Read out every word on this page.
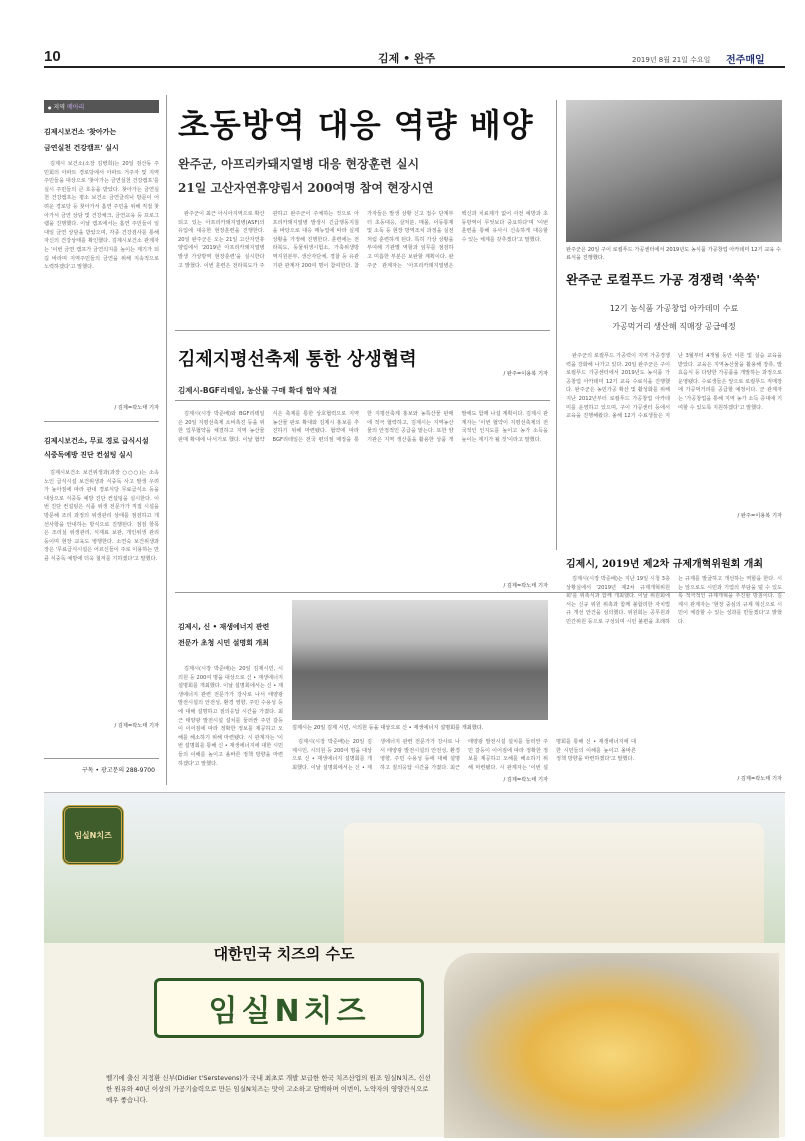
10	김제 • 완주	2019년 8월 21일 수요일 전주매일
● 지역 메아리
김제시보건소 '찾아가는
금연실천 건강캠프' 실시

김제시 보건소(소장 김병희)는 20일 검산동 주민회의 아파트 경로당에서 아파트 거주자 및 지역주민들을 대상으로 '찾아가는 금연실천 건강캠프'를 실시 주민들의 큰 호응을 받았다. 찾아가는 금연실천 건강캠프는 평소 보건소 금연클리닉 방문이 어려운 경로당 등 찾아가서 흡연 주민을 위해 직접 찾아가서 금연 상담 및 건강체크, 금연교육 등 프로그램을 진행했다. 이날 캠프에서는 흡연 주민들이 일대일 금연 상담을 받았으며, 각종 건강검사를 통해 자신의 건강상태를 확인했다. 김제시보건소 관계자는 '이번 금연 캠프가 금연의지를 높이는 계기가 되길 바라며 지역주민들의 금연을 위해 지속적으로 노력하겠다'고 말했다.

/ 김제=곽노태 기자
김제시보건소, 무료 경로 급식시설
식중독예방 진단 컨설팅 실시

김제시보건소 보건위생과(과장 ○○○)는 소속 노인 급식시설 보건위생과 식중독 사고 발생 우려가 높아짐에 따라 관내 경로식당 무료급식소 등을 대상으로 식중독 예방 진단 컨설팅을 실시한다. 이번 진단 컨설팅은 식품 위생 전문가가 직접 시설을 방문해 조리 과정의 위생관리 상태를 점검하고 개선사항을 안내하는 방식으로 진행된다. 점검 항목은 조리실 위생관리, 식재료 보관, 개인위생 관리 등이며 현장 교육도 병행한다. 소연숙 보건위생과장은 '무료급식시설은 어르신들이 주로 이용하는 만큼 식중독 예방에 더욱 철저를 기하겠다'고 말했다.

/ 김제=곽노태 기자
구독 • 광고문의 288-9700
초동방역 대응 역량 배양
완주군, 아프리카돼지열병 대응 현장훈련 실시
21일 고산자연휴양림서 200여명 참여 현장시연

완주군이 최근 아시아지역으로 확산되고 있는 아프리카돼지열병(ASF)의 유입에 대응한 현장훈련을 진행한다. 20일 완주군은 오는 21일 고산자연휴양림에서 '2019년 아프리카돼지열병 발생 가상방역 현장훈련'을 실시한다고 밝혔다. 이번 훈련은 전라북도가 주관하고 완주군이 주체하는 것으로 아프리카돼지열병 발생시 긴급행동지침을 바탕으로 대응 매뉴얼에 따라 실제 상황을 가정해 진행한다. 훈련에는 전라북도, 동물위생시험소, 가축위생방역지원본부, 생산자단체, 경찰 등 유관기관 관계자 200여 명이 참여한다. 참가자들은 발생 상황 신고 접수 단계부터 초동대응, 살처분, 매몰, 이동통제 및 소독 등 현장 방역조치 과정을 실전처럼 훈련하게 된다. 특히 가상 상황을 부여해 기관별 역할과 임무를 점검하고 미흡한 부분은 보완할 계획이다. 완주군 관계자는 '아프리카돼지열병은 백신과 치료제가 없어 사전 예방과 초동방역이 무엇보다 중요하다'며 '이번 훈련을 통해 유사시 신속하게 대응할 수 있는 체계를 갖추겠다'고 말했다.

/ 완주=이용복 기자
완주군은 20일 구이 로컬푸드 가공센터에서 2019년도 농식품 가공창업 아카데미 12기 교육 수료식을 진행했다.
완주군 로컬푸드 가공 경쟁력 '쑥쑥'
12기 농식품 가공창업 아카데미 수료
가공먹거리 생산해 직매장 공급예정

완주군의 로컬푸드 가공력이 지역 가공경쟁력을 강화해 나가고 있다. 20일 완주군은 구이 로컬푸드 가공센터에서 2019년도 농식품 가공창업 아카데미 12기 교육 수료식을 진행했다. 완주군은 농민가공 확산 및 활성화를 위해 지난 2012년부터 로컬푸드 가공창업 아카데미를 운영하고 있으며, 구이 가공센터 등에서 교육을 진행해왔다. 올해 12기 수료생들은 지난 3월부터 4개월 동안 이론 및 실습 교육을 받았다. 교육은 지역농산물을 활용해 장류, 발효음식 등 다양한 가공품을 개발하는 과정으로 운영됐다. 수료생들은 앞으로 로컬푸드 직매장에 가공먹거리를 공급할 예정이다. 군 관계자는 '가공창업을 통해 지역 농가 소득 증대에 기여할 수 있도록 지원하겠다'고 말했다.

/ 완주=이용복 기자
김제지평선축제 통한 상생협력
김제시-BGF리테일, 농산물 구매 확대 협약 체결

김제시(시장 박준배)와 BGF리테일은 20일 지평선축제 소비촉진 등을 위한 업무협약을 체결하고 지역 농산물 판매 확대에 나서기로 했다. 이날 협약식은 축제를 통한 상호협력으로 지역 농산물 판로 확대와 김제시 홍보를 추진하기 위해 마련됐다. 협약에 따라 BGF리테일은 전국 편의점 매장을 통한 지평선축제 홍보와 농특산물 판매에 적극 협력하고, 김제시는 지역농산물의 안정적인 공급을 맡는다. 또한 양 기관은 지역 생산품을 활용한 상품 개발에도 함께 나설 계획이다. 김제시 관계자는 '이번 협약이 지평선축제의 전국적인 인지도를 높이고 농가 소득을 높이는 계기가 될 것'이라고 말했다.

/ 김제=곽노태 기자
김제시, 신 • 재생에너지 관련
전문가 초청 시민 설명회 개최

김제시(시장 박준배)는 20일 김제시민, 시의원 등 200여 명을 대상으로 신 • 재생에너지 설명회를 개최했다. 이날 설명회에서는 신 • 재생에너지 관련 전문가가 강사로 나서 태양광 발전시설의 안전성, 환경 영향, 주민 수용성 등에 대해 설명하고 질의응답 시간을 가졌다. 최근 태양광 발전시설 설치를 둘러싼 주민 갈등이 이어짐에 따라 정확한 정보를 제공하고 오해를 해소하기 위해 마련됐다. 시 관계자는 '이번 설명회를 통해 신 • 재생에너지에 대한 시민들의 이해를 높이고 올바른 정책 방향을 마련하겠다'고 말했다.

김제시는 20일 김제 시민, 시의원 등을 대상으로 신 • 재생에너지 설명회를 개최했다.

김제시(시장 박준배)는 20일 김제시민, 시의원 등 200여 명을 대상으로 신 • 재생에너지 설명회를 개최했다. 이날 설명회에서는 신 • 재생에너지 관련 전문가가 강사로 나서 태양광 발전시설의 안전성, 환경 영향, 주민 수용성 등에 대해 설명하고 질의응답 시간을 가졌다. 최근 태양광 발전시설 설치를 둘러싼 주민 갈등이 이어짐에 따라 정확한 정보를 제공하고 오해를 해소하기 위해 마련됐다. 시 관계자는 '이번 설명회를 통해 신 • 재생에너지에 대한 시민들의 이해를 높이고 올바른 정책 방향을 마련하겠다'고 말했다.

/ 김제=곽노태 기자
김제시, 2019년 제2차 규제개혁위원회 개최

김제시(시장 박준배)는 지난 19일 시청 3층 상황실에서 '2019년 제2차 규제개혁위원회'를 위촉식과 함께 개최했다. 이날 위원회에서는 신규 위원 위촉과 함께 불합리한 자치법규 개선 안건을 심의했다. 위원회는 공무원과 민간위원 등으로 구성되며 시민 불편을 초래하는 규제를 발굴하고 개선하는 역할을 한다. 시는 앞으로도 시민과 기업의 부담을 덜 수 있도록 적극적인 규제개혁을 추진할 방침이다. 김제시 관계자는 '현장 중심의 규제 혁신으로 시민이 체감할 수 있는 성과를 만들겠다'고 밝혔다.

/ 김제=곽노태 기자
임실N치즈
대한민국 치즈의 수도
임실N치즈
벨기에 출신 지정환 신부(Didier t'Serstevens)가 국내 최초로 개발 보급한 한국 치즈산업의 원조 임실N치즈, 신선한 원유와 40년 이상의 가공기술력으로 만든 임실N치즈는 맛이 고소하고 담백하며 이번이, 노약자의 영양간식으로 매우 좋습니다.
